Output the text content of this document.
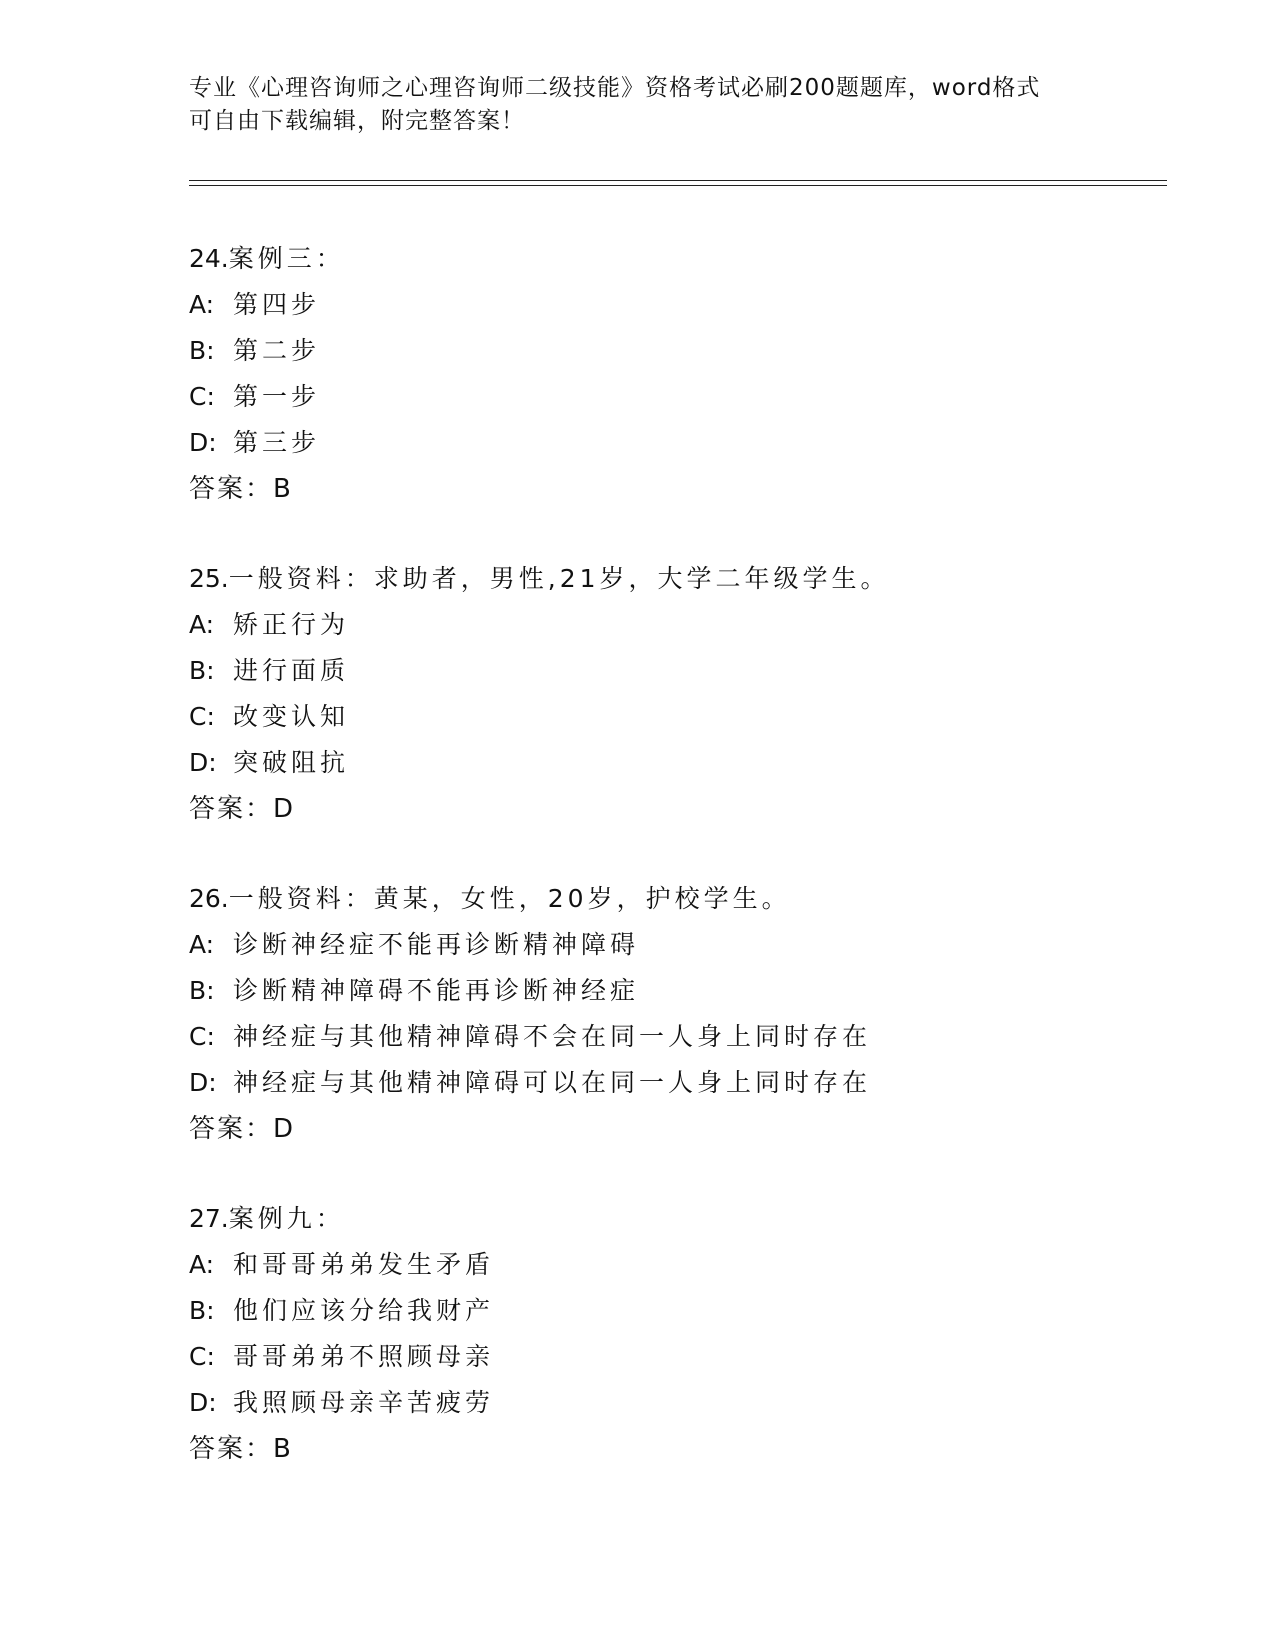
专业《心理咨询师之心理咨询师二级技能》资格考试必刷200题题库，word格式
可自由下载编辑，附完整答案！
24.案例三：
A: 第四步
B: 第二步
C: 第一步
D: 第三步
答案：B
25.一般资料：求助者，男性,21岁，大学二年级学生。
A: 矫正行为
B: 进行面质
C: 改变认知
D: 突破阻抗
答案：D
26.一般资料：黄某，女性，20岁，护校学生。
A: 诊断神经症不能再诊断精神障碍
B: 诊断精神障碍不能再诊断神经症
C: 神经症与其他精神障碍不会在同一人身上同时存在
D: 神经症与其他精神障碍可以在同一人身上同时存在
答案：D
27.案例九：
A: 和哥哥弟弟发生矛盾
B: 他们应该分给我财产
C: 哥哥弟弟不照顾母亲
D: 我照顾母亲辛苦疲劳
答案：B
